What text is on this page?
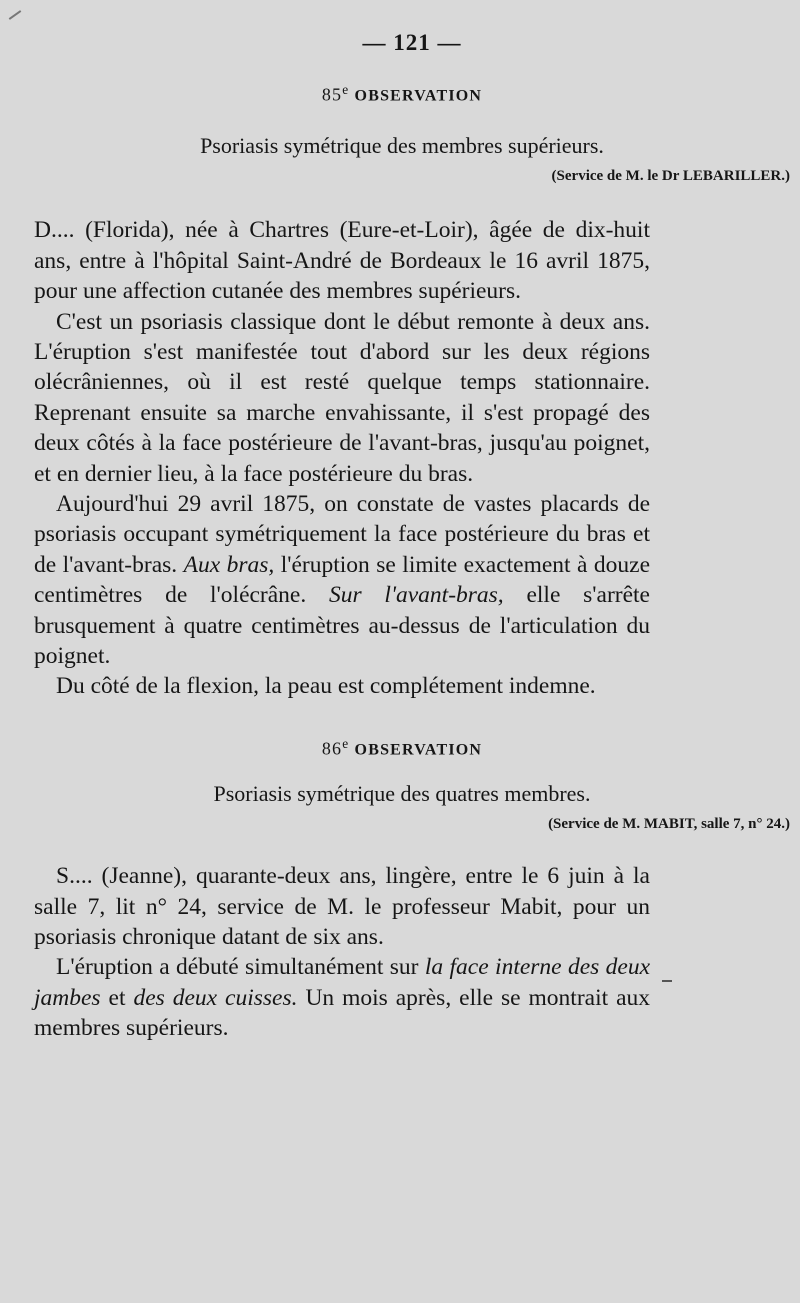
— 121 —
85e OBSERVATION
Psoriasis symétrique des membres supérieurs.
(Service de M. le Dr LEBARILLER.)

D.... (Florida), née à Chartres (Eure-et-Loir), âgée de dix-huit ans, entre à l'hôpital Saint-André de Bordeaux le 16 avril 1875, pour une affection cutanée des membres supérieurs.

C'est un psoriasis classique dont le début remonte à deux ans. L'éruption s'est manifestée tout d'abord sur les deux régions olécrâniennes, où il est resté quelque temps stationnaire. Reprenant ensuite sa marche envahissante, il s'est propagé des deux côtés à la face postérieure de l'avant-bras, jusqu'au poignet, et en dernier lieu, à la face postérieure du bras.

Aujourd'hui 29 avril 1875, on constate de vastes placards de psoriasis occupant symétriquement la face postérieure du bras et de l'avant-bras. Aux bras, l'éruption se limite exactement à douze centimètres de l'olécrâne. Sur l'avant-bras, elle s'arrête brusquement à quatre centimètres au-dessus de l'articulation du poignet.

Du côté de la flexion, la peau est complétement indemne.

86e OBSERVATION
Psoriasis symétrique des quatres membres.
(Service de M. MABIT, salle 7, n° 24.)

S.... (Jeanne), quarante-deux ans, lingère, entre le 6 juin à la salle 7, lit n° 24, service de M. le professeur Mabit, pour un psoriasis chronique datant de six ans.

L'éruption a débuté simultanément sur la face interne des deux jambes et des deux cuisses. Un mois après, elle se montrait aux membres supérieurs.
